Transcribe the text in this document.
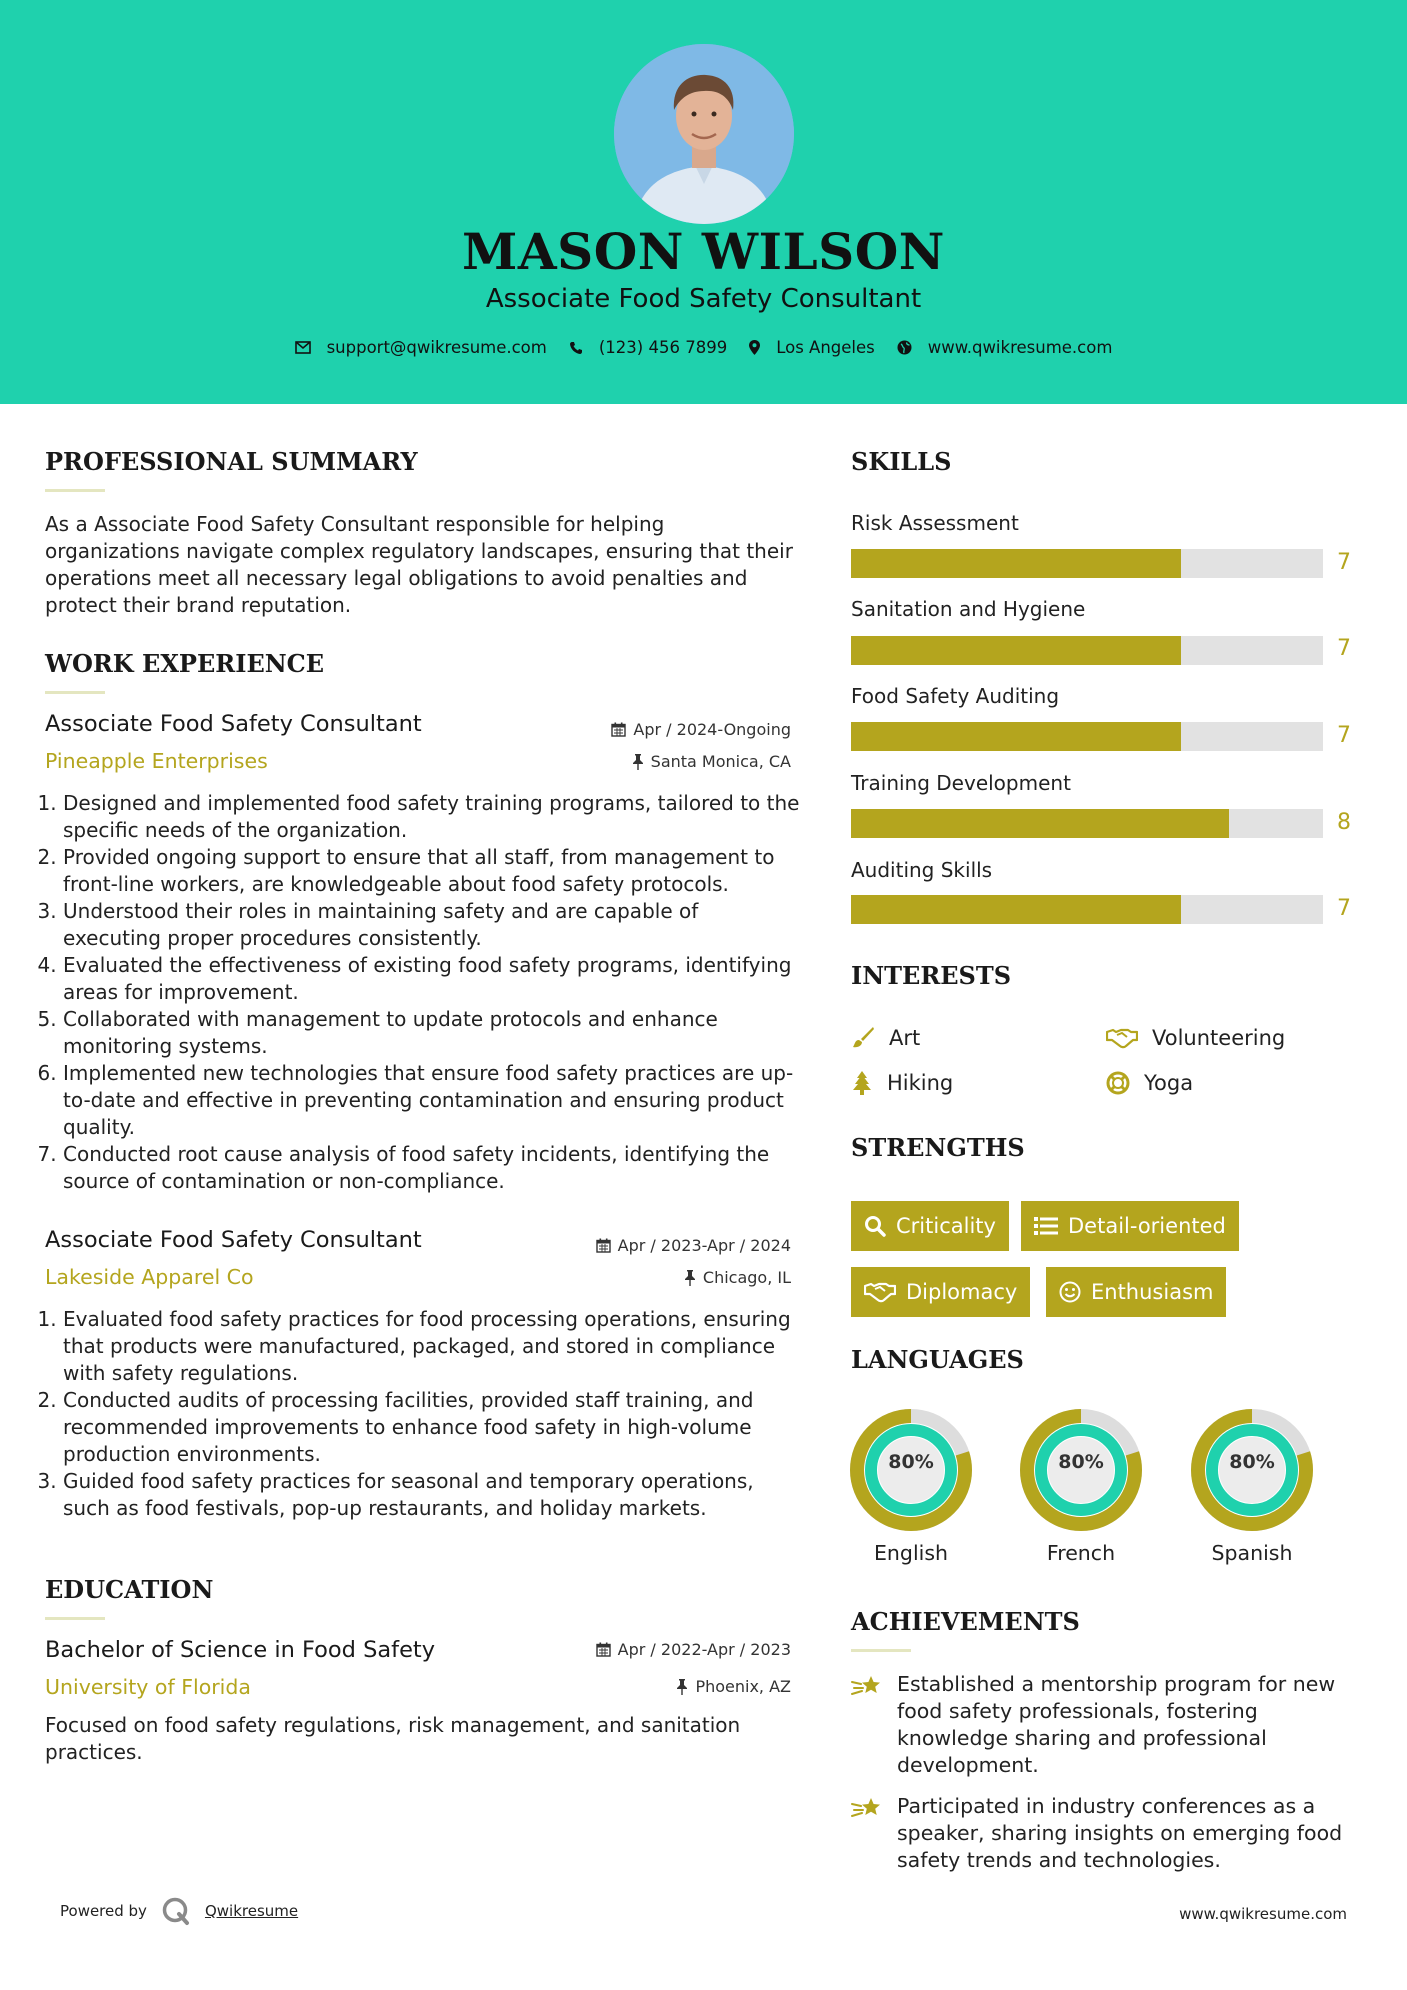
MASON WILSON
Associate Food Safety Consultant
support@qwikresume.com	(123) 456 7899	Los Angeles	www.qwikresume.com
PROFESSIONAL SUMMARY
As a Associate Food Safety Consultant responsible for helping organizations navigate complex regulatory landscapes, ensuring that their operations meet all necessary legal obligations to avoid penalties and protect their brand reputation.
WORK EXPERIENCE
Associate Food Safety Consultant	Apr / 2024-Ongoing
Pineapple Enterprises	Santa Monica, CA
1. Designed and implemented food safety training programs, tailored to the specific needs of the organization.
2. Provided ongoing support to ensure that all staff, from management to front-line workers, are knowledgeable about food safety protocols.
3. Understood their roles in maintaining safety and are capable of executing proper procedures consistently.
4. Evaluated the effectiveness of existing food safety programs, identifying areas for improvement.
5. Collaborated with management to update protocols and enhance monitoring systems.
6. Implemented new technologies that ensure food safety practices are up-to-date and effective in preventing contamination and ensuring product quality.
7. Conducted root cause analysis of food safety incidents, identifying the source of contamination or non-compliance.
Associate Food Safety Consultant	Apr / 2023-Apr / 2024
Lakeside Apparel Co	Chicago, IL
1. Evaluated food safety practices for food processing operations, ensuring that products were manufactured, packaged, and stored in compliance with safety regulations.
2. Conducted audits of processing facilities, provided staff training, and recommended improvements to enhance food safety in high-volume production environments.
3. Guided food safety practices for seasonal and temporary operations, such as food festivals, pop-up restaurants, and holiday markets.
EDUCATION
Bachelor of Science in Food Safety	Apr / 2022-Apr / 2023
University of Florida	Phoenix, AZ
Focused on food safety regulations, risk management, and sanitation practices.
SKILLS
Risk Assessment
7
Sanitation and Hygiene
7
Food Safety Auditing
7
Training Development
8
Auditing Skills
7
INTERESTS
Art	Volunteering
Hiking	Yoga
STRENGTHS
Criticality	Detail-oriented
Diplomacy	Enthusiasm
LANGUAGES
80%
English
80%
French
80%
Spanish
ACHIEVEMENTS
Established a mentorship program for new food safety professionals, fostering knowledge sharing and professional development.
Participated in industry conferences as a speaker, sharing insights on emerging food safety trends and technologies.
Powered by	Qwikresume	www.qwikresume.com
